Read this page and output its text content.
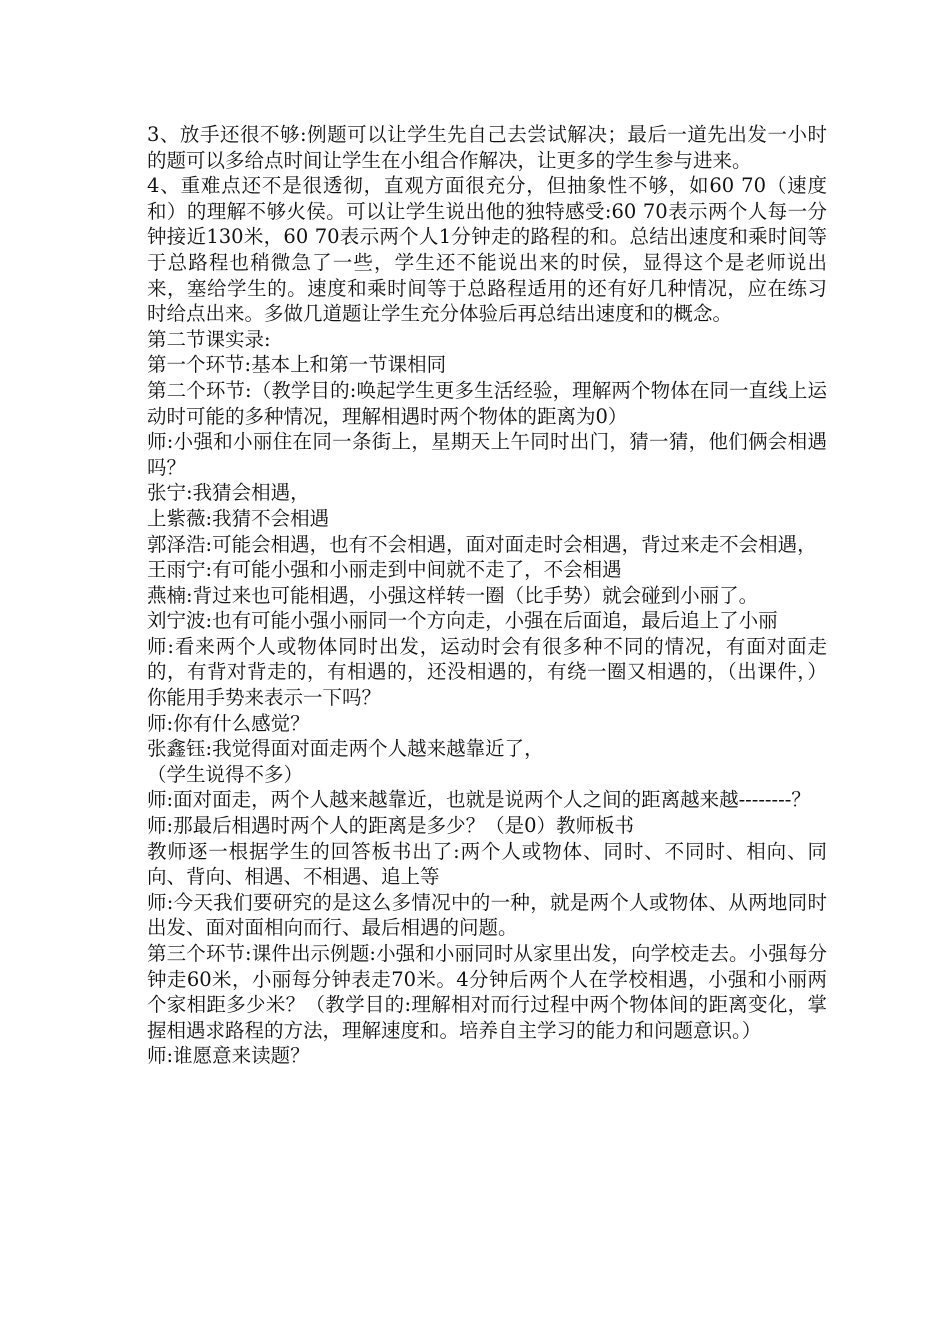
3、放手还很不够:例题可以让学生先自己去尝试解决；最后一道先出发一小时的题可以多给点时间让学生在小组合作解决，让更多的学生参与进来。

4、重难点还不是很透彻，直观方面很充分，但抽象性不够，如60 70（速度和）的理解不够火侯。可以让学生说出他的独特感受:60 70表示两个人每一分钟接近130米，60 70表示两个人1分钟走的路程的和。总结出速度和乘时间等于总路程也稍微急了一些，学生还不能说出来的时侯，显得这个是老师说出来，塞给学生的。速度和乘时间等于总路程适用的还有好几种情况，应在练习时给点出来。多做几道题让学生充分体验后再总结出速度和的概念。

第二节课实录:

第一个环节:基本上和第一节课相同

第二个环节:（教学目的:唤起学生更多生活经验，理解两个物体在同一直线上运动时可能的多种情况，理解相遇时两个物体的距离为0）

师:小强和小丽住在同一条街上，星期天上午同时出门，猜一猜，他们俩会相遇吗？

张宁:我猜会相遇，

上紫薇:我猜不会相遇

郭泽浩:可能会相遇，也有不会相遇，面对面走时会相遇，背过来走不会相遇，

王雨宁:有可能小强和小丽走到中间就不走了，不会相遇

燕楠:背过来也可能相遇，小强这样转一圈（比手势）就会碰到小丽了。

刘宁波:也有可能小强小丽同一个方向走，小强在后面追，最后追上了小丽

师:看来两个人或物体同时出发，运动时会有很多种不同的情况，有面对面走的，有背对背走的，有相遇的，还没相遇的，有绕一圈又相遇的，（出课件，）你能用手势来表示一下吗？

师:你有什么感觉？

张鑫钰:我觉得面对面走两个人越来越靠近了，

（学生说得不多）

师:面对面走，两个人越来越靠近，也就是说两个人之间的距离越来越--------？

师:那最后相遇时两个人的距离是多少？（是0）教师板书

教师逐一根据学生的回答板书出了:两个人或物体、同时、不同时、相向、同向、背向、相遇、不相遇、追上等

师:今天我们要研究的是这么多情况中的一种，就是两个人或物体、从两地同时出发、面对面相向而行、最后相遇的问题。

第三个环节:课件出示例题:小强和小丽同时从家里出发，向学校走去。小强每分钟走60米，小丽每分钟表走70米。4分钟后两个人在学校相遇，小强和小丽两个家相距多少米？（教学目的:理解相对而行过程中两个物体间的距离变化，掌握相遇求路程的方法，理解速度和。培养自主学习的能力和问题意识。）

师:谁愿意来读题？
